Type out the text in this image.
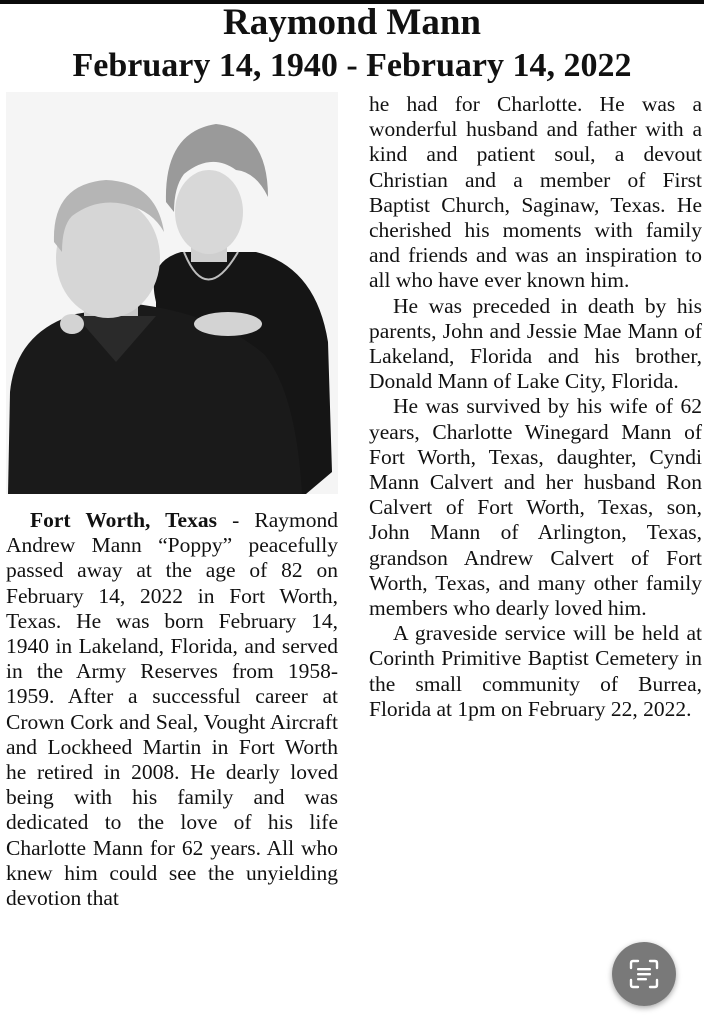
Raymond Mann
February 14, 1940 - February 14, 2022

Fort Worth, Texas - Raymond Andrew Mann “Poppy” peacefully passed away at the age of 82 on February 14, 2022 in Fort Worth, Texas. He was born February 14, 1940 in Lakeland, Florida, and served in the Army Reserves from 1958-1959. After a successful career at Crown Cork and Seal, Vought Aircraft and Lockheed Martin in Fort Worth he retired in 2008. He dearly loved being with his family and was dedicated to the love of his life Charlotte Mann for 62 years. All who knew him could see the unyielding devotion that

he had for Charlotte. He was a wonderful husband and father with a kind and patient soul, a devout Christian and a member of First Baptist Church, Saginaw, Texas. He cherished his moments with family and friends and was an inspiration to all who have ever known him.

He was preceded in death by his parents, John and Jessie Mae Mann of Lakeland, Florida and his brother, Donald Mann of Lake City, Florida.

He was survived by his wife of 62 years, Charlotte Winegard Mann of Fort Worth, Texas, daughter, Cyndi Mann Calvert and her husband Ron Calvert of Fort Worth, Texas, son, John Mann of Arlington, Texas, grandson Andrew Calvert of Fort Worth, Texas, and many other family members who dearly loved him.

A graveside service will be held at Corinth Primitive Baptist Cemetery in the small community of Burrea, Florida at 1pm on February 22, 2022.
